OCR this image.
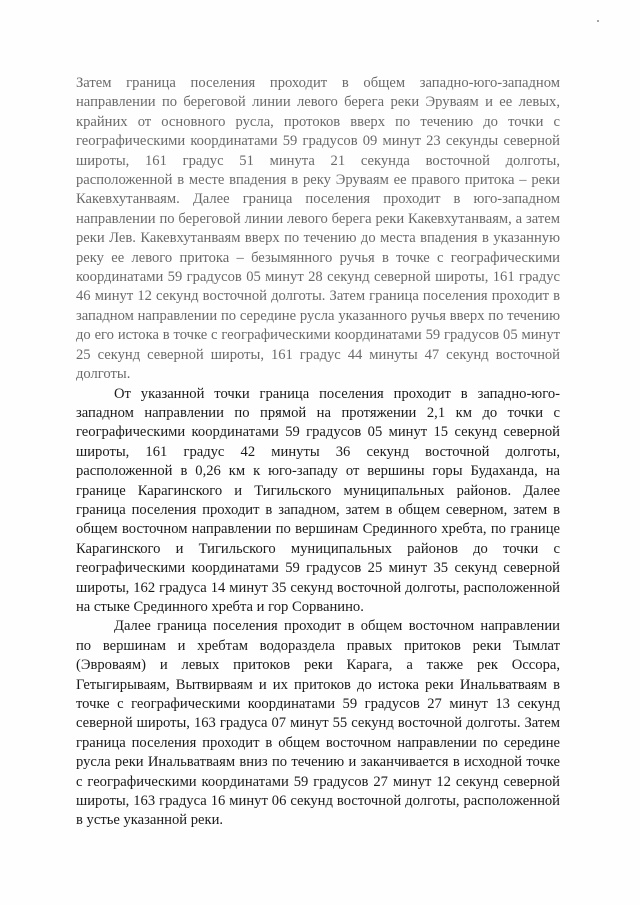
Затем граница поселения проходит в общем западно-юго-западном направлении по береговой линии левого берега реки Эруваям и ее левых, крайних от основного русла, протоков вверх по течению до точки с географическими координатами 59 градусов 09 минут 23 секунды северной широты, 161 градус 51 минута 21 секунда восточной долготы, расположенной в месте впадения в реку Эруваям ее правого притока – реки Какевхутанваям. Далее граница поселения проходит в юго-западном направлении по береговой линии левого берега реки Какевхутанваям, а затем реки Лев. Какевхутанваям вверх по течению до места впадения в указанную реку ее левого притока – безымянного ручья в точке с географическими координатами 59 градусов 05 минут 28 секунд северной широты, 161 градус 46 минут 12 секунд восточной долготы. Затем граница поселения проходит в западном направлении по середине русла указанного ручья вверх по течению до его истока в точке с географическими координатами 59 градусов 05 минут 25 секунд северной широты, 161 градус 44 минуты 47 секунд восточной долготы.

От указанной точки граница поселения проходит в западно-юго-западном направлении по прямой на протяжении 2,1 км до точки с географическими координатами 59 градусов 05 минут 15 секунд северной широты, 161 градус 42 минуты 36 секунд восточной долготы, расположенной в 0,26 км к юго-западу от вершины горы Будаханда, на границе Карагинского и Тигильского муниципальных районов. Далее граница поселения проходит в западном, затем в общем северном, затем в общем восточном направлении по вершинам Срединного хребта, по границе Карагинского и Тигильского муниципальных районов до точки с географическими координатами 59 градусов 25 минут 35 секунд северной широты, 162 градуса 14 минут 35 секунд восточной долготы, расположенной на стыке Срединного хребта и гор Сорванино.

Далее граница поселения проходит в общем восточном направлении по вершинам и хребтам водораздела правых притоков реки Тымлат (Эвроваям) и левых притоков реки Карага, а также рек Оссора, Гетыгирываям, Вытвирваям и их притоков до истока реки Инальватваям в точке с географическими координатами 59 градусов 27 минут 13 секунд северной широты, 163 градуса 07 минут 55 секунд восточной долготы. Затем граница поселения проходит в общем восточном направлении по середине русла реки Инальватваям вниз по течению и заканчивается в исходной точке с географическими координатами 59 градусов 27 минут 12 секунд северной широты, 163 градуса 16 минут 06 секунд восточной долготы, расположенной в устье указанной реки.
